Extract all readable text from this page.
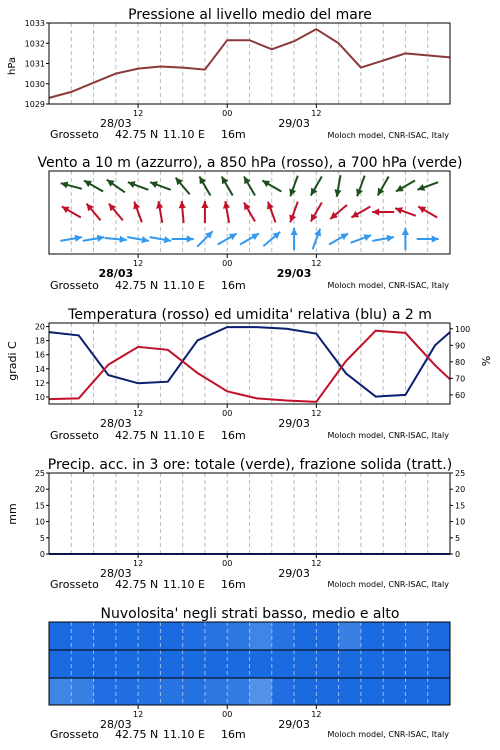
Pressione al livello medio del mare
1029
1030
1031
1032
1033
hPa
12	00	12
28/03	29/03
Grosseto 42.75 N 11.10 E 16m	Moloch model, CNR-ISAC, Italy
Vento a 10 m (azzurro), a 850 hPa (rosso), a 700 hPa (verde)
12	00	12
28/03	29/03
Grosseto 42.75 N 11.10 E 16m	Moloch model, CNR-ISAC, Italy
Temperatura (rosso) ed umidita' relativa (blu) a 2 m
10
12
14
16
18
20
60
70
80
90
100
gradi C	%
12	00	12
28/03	29/03
Grosseto 42.75 N 11.10 E 16m	Moloch model, CNR-ISAC, Italy
Precip. acc. in 3 ore: totale (verde), frazione solida (tratt.)
0
5
10
15
20
25
0
5
10
15
20
25
mm
12	00	12
28/03	29/03
Grosseto 42.75 N 11.10 E 16m	Moloch model, CNR-ISAC, Italy
Nuvolosita' negli strati basso, medio e alto
12	00	12
28/03	29/03
Grosseto 42.75 N 11.10 E 16m	Moloch model, CNR-ISAC, Italy
